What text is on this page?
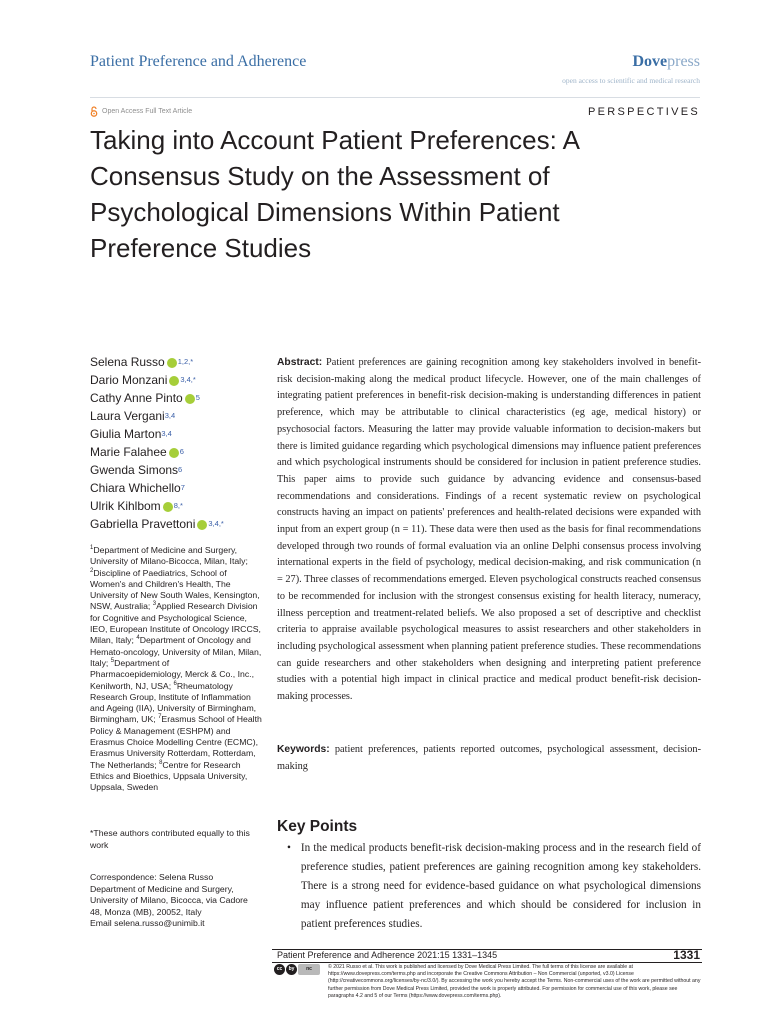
Patient Preference and Adherence	Dovepress
open access to scientific and medical research
Open Access Full Text Article	PERSPECTIVES
Taking into Account Patient Preferences: A Consensus Study on the Assessment of Psychological Dimensions Within Patient Preference Studies
Selena Russo 1,2,*
Dario Monzani 3,4,*
Cathy Anne Pinto 5
Laura Vergani 3,4
Giulia Marton 3,4
Marie Falahee 6
Gwenda Simons 6
Chiara Whichello 7
Ulrik Kihlbom 8,*
Gabriella Pravettoni 3,4,*
$^1$Department of Medicine and Surgery, University of Milano-Bicocca, Milan, Italy; $^2$Discipline of Paediatrics, School of Women's and Children's Health, The University of New South Wales, Kensington, NSW, Australia; $^3$Applied Research Division for Cognitive and Psychological Science, IEO, European Institute of Oncology IRCCS, Milan, Italy; $^4$Department of Oncology and Hemato-oncology, University of Milan, Milan, Italy; $^5$Department of Pharmacoepidemiology, Merck & Co., Inc., Kenilworth, NJ, USA; $^6$Rheumatology Research Group, Institute of Inflammation and Ageing (IIA), University of Birmingham, Birmingham, UK; $^7$Erasmus School of Health Policy & Management (ESHPM) and Erasmus Choice Modelling Centre (ECMC), Erasmus University Rotterdam, Rotterdam, The Netherlands; $^8$Centre for Research Ethics and Bioethics, Uppsala University, Uppsala, Sweden
*These authors contributed equally to this work
Correspondence: Selena Russo
Department of Medicine and Surgery,
University of Milano, Bicocca, via Cadore
48, Monza (MB), 20052, Italy
Email selena.russo@unimib.it
Abstract: Patient preferences are gaining recognition among key stakeholders involved in benefit-risk decision-making along the medical product lifecycle. However, one of the main challenges of integrating patient preferences in benefit-risk decision-making is understanding differences in patient preference, which may be attributable to clinical characteristics (eg age, medical history) or psychosocial factors. Measuring the latter may provide valuable information to decision-makers but there is limited guidance regarding which psychological dimensions may influence patient preferences and which psychological instruments should be considered for inclusion in patient preference studies. This paper aims to provide such guidance by advancing evidence and consensus-based recommendations and considerations. Findings of a recent systematic review on psychological constructs having an impact on patients' preferences and health-related decisions were expanded with input from an expert group (n = 11). These data were then used as the basis for final recommendations developed through two rounds of formal evaluation via an online Delphi consensus process involving international experts in the field of psychology, medical decision-making, and risk communication (n = 27). Three classes of recommendations emerged. Eleven psychological constructs reached consensus to be recommended for inclusion with the strongest consensus existing for health literacy, numeracy, illness perception and treatment-related beliefs. We also proposed a set of descriptive and checklist criteria to appraise available psychological measures to assist researchers and other stakeholders in including psychological assessment when planning patient preference studies. These recommendations can guide researchers and other stakeholders when designing and interpreting patient preference studies with a potential high impact in clinical practice and medical product benefit-risk decision-making processes.
Keywords: patient preferences, patients reported outcomes, psychological assessment, decision-making
Key Points
• In the medical products benefit-risk decision-making process and in the research field of preference studies, patient preferences are gaining recognition among key stakeholders. There is a strong need for evidence-based guidance on what psychological dimensions may influence patient preferences and which should be considered for inclusion in patient preferences studies.
Patient Preference and Adherence 2021:15 1331–1345	1331
cc	by	nc	© 2021 Russo et al. This work is published and licensed by Dove Medical Press Limited. The full terms of this license are available at https://www.dovepress.com/terms.php and incorporate the Creative Commons Attribution – Non Commercial (unported, v3.0) License (http://creativecommons.org/licenses/by-nc/3.0/). By accessing the work you hereby accept the Terms. Non-commercial uses of the work are permitted without any further permission from Dove Medical Press Limited, provided the work is properly attributed. For permission for commercial use of this work, please see paragraphs 4.2 and 5 of our Terms (https://www.dovepress.com/terms.php).
